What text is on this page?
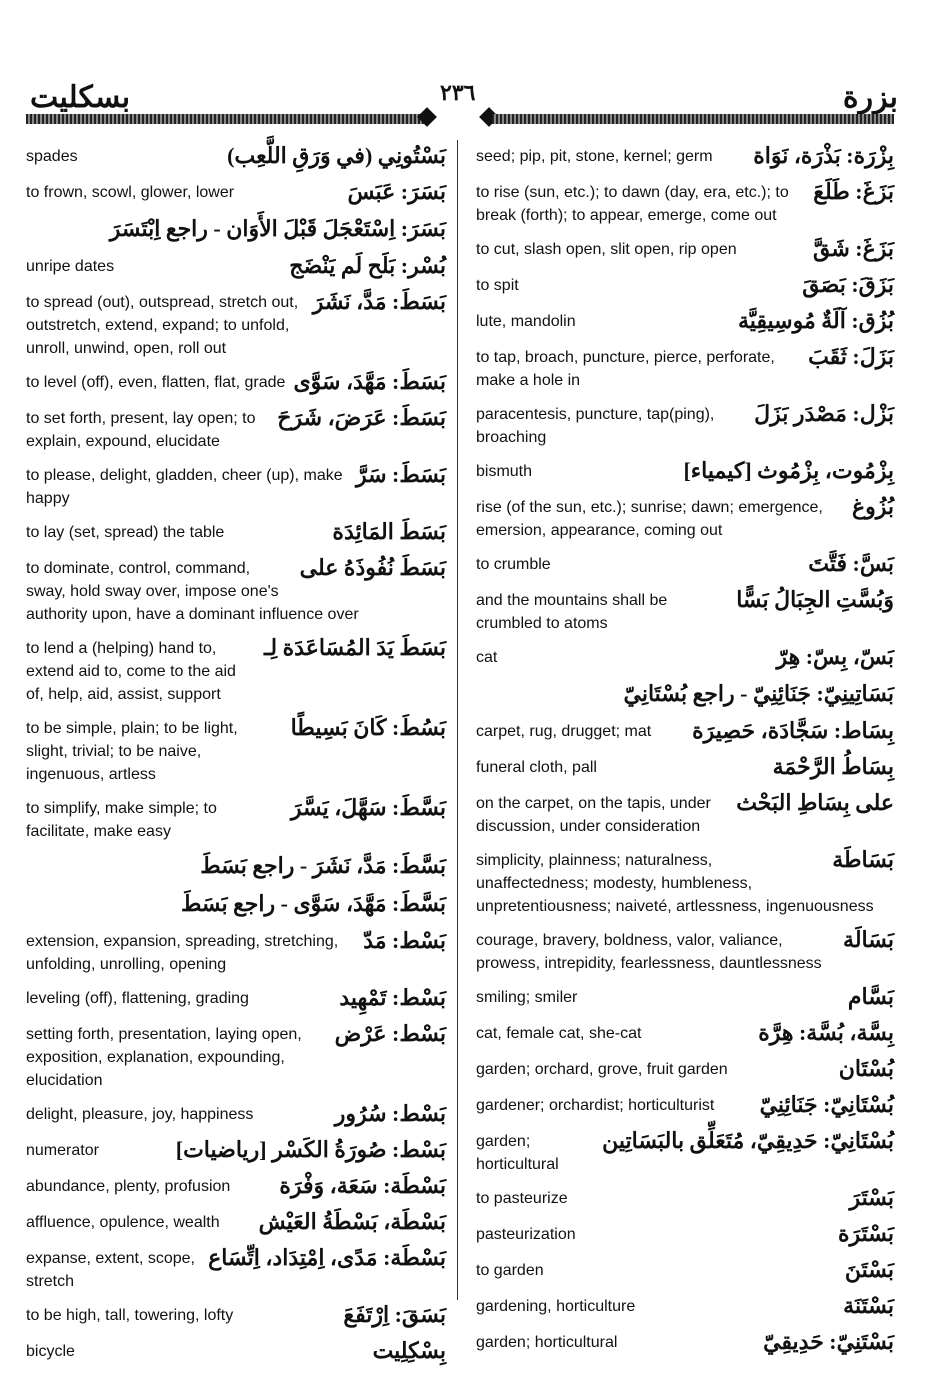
بزرة
٢٣٦
بسكليت
بِزْرَة: بَذْرَة، نَوَاة
seed; pip, pit, stone, kernel; germ
بَزَغَ: طَلَعَ
to rise (sun, etc.); to dawn (day, era, etc.); to break (forth); to appear, emerge, come out
بَزَغَ: شَقَّ
to cut, slash open, slit open, rip open
بَزَقَ: بَصَقَ
to spit
بُزُق: آلَةٌ مُوسِيقِيَّة
lute, mandolin
بَزَلَ: ثَقَبَ
to tap, broach, puncture, pierce, perforate, make a hole in
بَزْل: مَصْدَر بَزَلَ
paracentesis, puncture, tap(ping), broaching
بِزْمُوت، بِزْمُوث [كيمياء]
bismuth
بُزُوغ
rise (of the sun, etc.); sunrise; dawn; emergence, emersion, appearance, coming out
بَسَّ: فَتَّتَ
to crumble
وَبُسَّتِ الجِبَالُ بَسًّا
and the mountains shall be crumbled to atoms
بَسّ، بِسّ: هِرّ
cat
بَسَاتِينِيّ: جَنَائِنِيّ - راجع بُسْتَانِيّ
بِسَاط: سَجَّادَة، حَصِيرَة
carpet, rug, drugget; mat
بِسَاطُ الرَّحْمَة
funeral cloth, pall
على بِسَاطِ البَحْث
on the carpet, on the tapis, under discussion, under consideration
بَسَاطَة
simplicity, plainness; naturalness, unaffectedness; modesty, humbleness, unpretentiousness; naiveté, artlessness, ingenuousness
بَسَالَة
courage, bravery, boldness, valor, valiance, prowess, intrepidity, fearlessness, dauntlessness
بَسَّام
smiling; smiler
بِسَّة، بُسَّة: هِرَّة
cat, female cat, she-cat
بُسْتَان
garden; orchard, grove, fruit garden
بُسْتَانِيّ: جَنَائِنِيّ
gardener; orchardist; horticulturist
بُسْتَانِيّ: حَدِيقِيّ، مُتَعَلِّق بالبَسَاتِين
garden; horticultural
بَسْتَرَ
to pasteurize
بَسْتَرَة
pasteurization
بَسْتَنَ
to garden
بَسْتَنَة
gardening, horticulture
بَسْتَنِيّ: حَدِيقِيّ
garden; horticultural
بَسْتُونِي (في وَرَقِ اللَّعِب)
spades
بَسَرَ: عَبَسَ
to frown, scowl, glower, lower
بَسَرَ: اِسْتَعْجَلَ قَبْلَ الأَوَان - راجع اِبْتَسَرَ
بُسْر: بَلَح لَم يَنْضَج
unripe dates
بَسَطَ: مَدَّ، نَشَرَ
to spread (out), outspread, stretch out, outstretch, extend, expand; to unfold, unroll, unwind, open, roll out
بَسَطَ: مَهَّدَ، سَوَّى
to level (off), even, flatten, flat, grade
بَسَطَ: عَرَضَ، شَرَحَ
to set forth, present, lay open; to explain, expound, elucidate
بَسَطَ: سَرَّ
to please, delight, gladden, cheer (up), make happy
بَسَطَ المَائِدَة
to lay (set, spread) the table
بَسَطَ نُفُوذَهُ على
to dominate, control, command, sway, hold sway over, impose one's authority upon, have a dominant influence over
بَسَطَ يَدَ المُسَاعَدَة لِـ
to lend a (helping) hand to, extend aid to, come to the aid of, help, aid, assist, support
بَسُطَ: كَانَ بَسِيطًا
to be simple, plain; to be light, slight, trivial; to be naive, ingenuous, artless
بَسَّطَ: سَهَّلَ، يَسَّرَ
to simplify, make simple; to facilitate, make easy
بَسَّطَ: مَدَّ، نَشَرَ - راجع بَسَطَ
بَسَّطَ: مَهَّدَ، سَوَّى - راجع بَسَطَ
بَسْط: مَدّ
extension, expansion, spreading, stretching, unfolding, unrolling, opening
بَسْط: تَمْهِيد
leveling (off), flattening, grading
بَسْط: عَرْض
setting forth, presentation, laying open, exposition, explanation, expounding, elucidation
بَسْط: سُرُور
delight, pleasure, joy, happiness
بَسْط: صُورَةُ الكَسْر [رياضيات]
numerator
بَسْطَة: سَعَة، وَفْرَة
abundance, plenty, profusion
بَسْطَة، بَسْطَةُ العَيْش
affluence, opulence, wealth
بَسْطَة: مَدًى، اِمْتِدَاد، اِتِّسَاع
expanse, extent, scope, stretch
بَسَقَ: اِرْتَفَعَ
to be high, tall, towering, lofty
بِسْكِلِيت
bicycle
